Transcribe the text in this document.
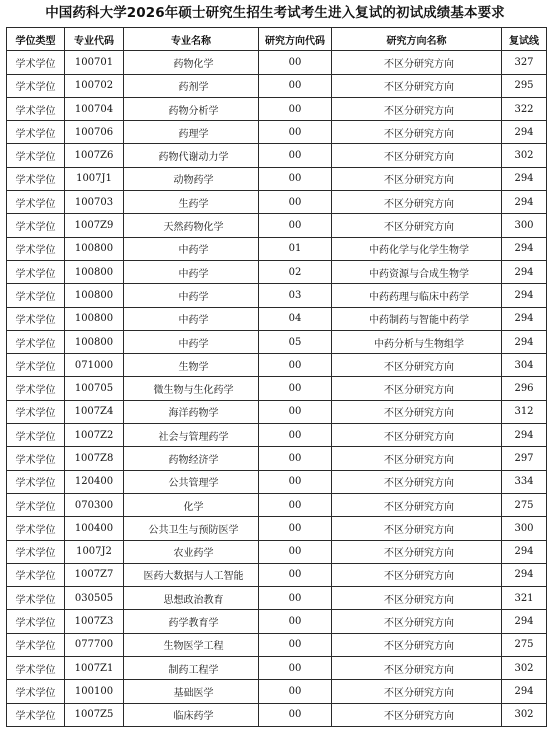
中国药科大学2026年硕士研究生招生考试考生进入复试的初试成绩基本要求
学位类型	专业代码	专业名称	研究方向代码	研究方向名称	复试线
学术学位	100701	药物化学	00	不区分研究方向	327
学术学位	100702	药剂学	00	不区分研究方向	295
学术学位	100704	药物分析学	00	不区分研究方向	322
学术学位	100706	药理学	00	不区分研究方向	294
学术学位	1007Z6	药物代谢动力学	00	不区分研究方向	302
学术学位	1007J1	动物药学	00	不区分研究方向	294
学术学位	100703	生药学	00	不区分研究方向	294
学术学位	1007Z9	天然药物化学	00	不区分研究方向	300
学术学位	100800	中药学	01	中药化学与化学生物学	294
学术学位	100800	中药学	02	中药资源与合成生物学	294
学术学位	100800	中药学	03	中药药理与临床中药学	294
学术学位	100800	中药学	04	中药制药与智能中药学	294
学术学位	100800	中药学	05	中药分析与生物组学	294
学术学位	071000	生物学	00	不区分研究方向	304
学术学位	100705	微生物与生化药学	00	不区分研究方向	296
学术学位	1007Z4	海洋药物学	00	不区分研究方向	312
学术学位	1007Z2	社会与管理药学	00	不区分研究方向	294
学术学位	1007Z8	药物经济学	00	不区分研究方向	297
学术学位	120400	公共管理学	00	不区分研究方向	334
学术学位	070300	化学	00	不区分研究方向	275
学术学位	100400	公共卫生与预防医学	00	不区分研究方向	300
学术学位	1007J2	农业药学	00	不区分研究方向	294
学术学位	1007Z7	医药大数据与人工智能	00	不区分研究方向	294
学术学位	030505	思想政治教育	00	不区分研究方向	321
学术学位	1007Z3	药学教育学	00	不区分研究方向	294
学术学位	077700	生物医学工程	00	不区分研究方向	275
学术学位	1007Z1	制药工程学	00	不区分研究方向	302
学术学位	100100	基础医学	00	不区分研究方向	294
学术学位	1007Z5	临床药学	00	不区分研究方向	302
